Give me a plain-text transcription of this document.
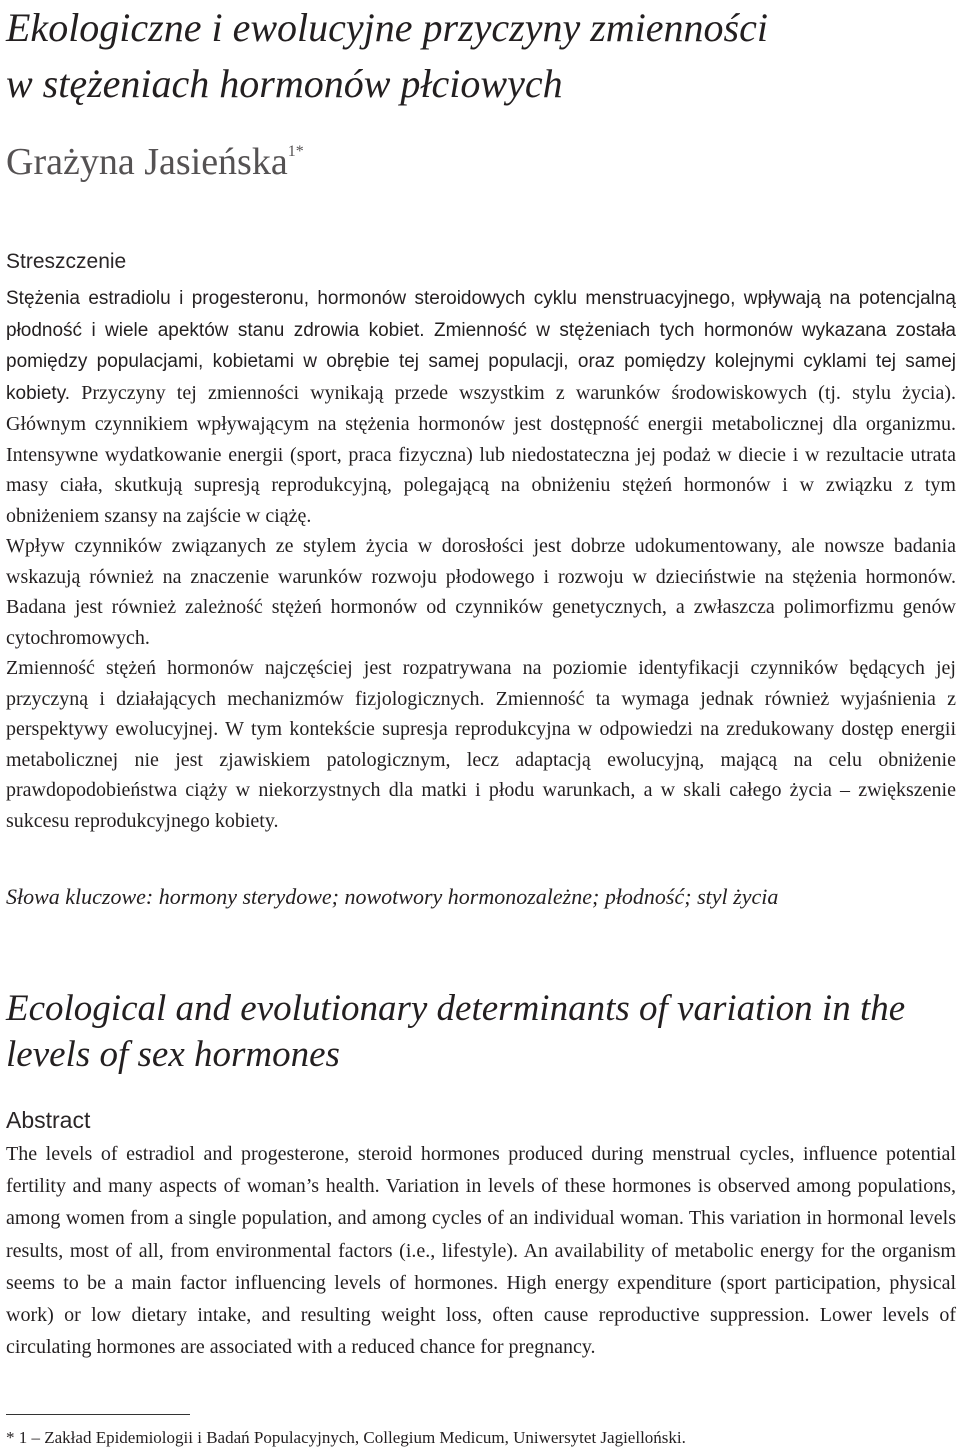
Ekologiczne i ewolucyjne przyczyny zmienności
w stężeniach hormonów płciowych
Grażyna Jasieńska$^{1*}$
Streszczenie

Stężenia estradiolu i progesteronu, hormonów steroidowych cyklu menstruacyjnego, wpływają na potencjalną płodność i wiele apektów stanu zdrowia kobiet. Zmienność w stężeniach tych hormonów wykazana została pomiędzy populacjami, kobietami w obrębie tej samej populacji, oraz pomiędzy kolejnymi cyklami tej samej kobiety. Przyczyny tej zmienności wynikają przede wszystkim z warunków środowiskowych (tj. stylu życia). Głównym czynnikiem wpływającym na stężenia hormonów jest dostępność energii metabolicznej dla organizmu. Intensywne wydatkowanie energii (sport, praca fizyczna) lub niedostateczna jej podaż w diecie i w rezultacie utrata masy ciała, skutkują supresją reprodukcyjną, polegającą na obniżeniu stężeń hormonów i w związku z tym obniżeniem szansy na zajście w ciążę.

Wpływ czynników związanych ze stylem życia w dorosłości jest dobrze udokumentowany, ale nowsze badania wskazują również na znaczenie warunków rozwoju płodowego i rozwoju w dzieciństwie na stężenia hormonów. Badana jest również zależność stężeń hormonów od czynników genetycznych, a zwłaszcza polimorfizmu genów cytochromowych.

Zmienność stężeń hormonów najczęściej jest rozpatrywana na poziomie identyfikacji czynników będących jej przyczyną i działających mechanizmów fizjologicznych. Zmienność ta wymaga jednak również wyjaśnienia z perspektywy ewolucyjnej. W tym kontekście supresja reprodukcyjna w odpowiedzi na zredukowany dostęp energii metabolicznej nie jest zjawiskiem patologicznym, lecz adaptacją ewolucyjną, mającą na celu obniżenie prawdopodobieństwa ciąży w niekorzystnych dla matki i płodu warunkach, a w skali całego życia – zwiększenie sukcesu reprodukcyjnego kobiety.

Słowa kluczowe: hormony sterydowe; nowotwory hormonozależne; płodność; styl życia
Ecological and evolutionary determinants of variation in the
levels of sex hormones
Abstract

The levels of estradiol and progesterone, steroid hormones produced during menstrual cycles, influence potential fertility and many aspects of woman’s health. Variation in levels of these hormones is observed among populations, among women from a single population, and among cycles of an individual woman. This variation in hormonal levels results, most of all, from environmental factors (i.e., lifestyle). An availability of metabolic energy for the organism seems to be a main factor influencing levels of hormones. High energy expenditure (sport participation, physical work) or low dietary intake, and resulting weight loss, often cause reproductive suppression. Lower levels of circulating hormones are associated with a reduced chance for pregnancy.

* 1 – Zakład Epidemiologii i Badań Populacyjnych, Collegium Medicum, Uniwersytet Jagielloński.
